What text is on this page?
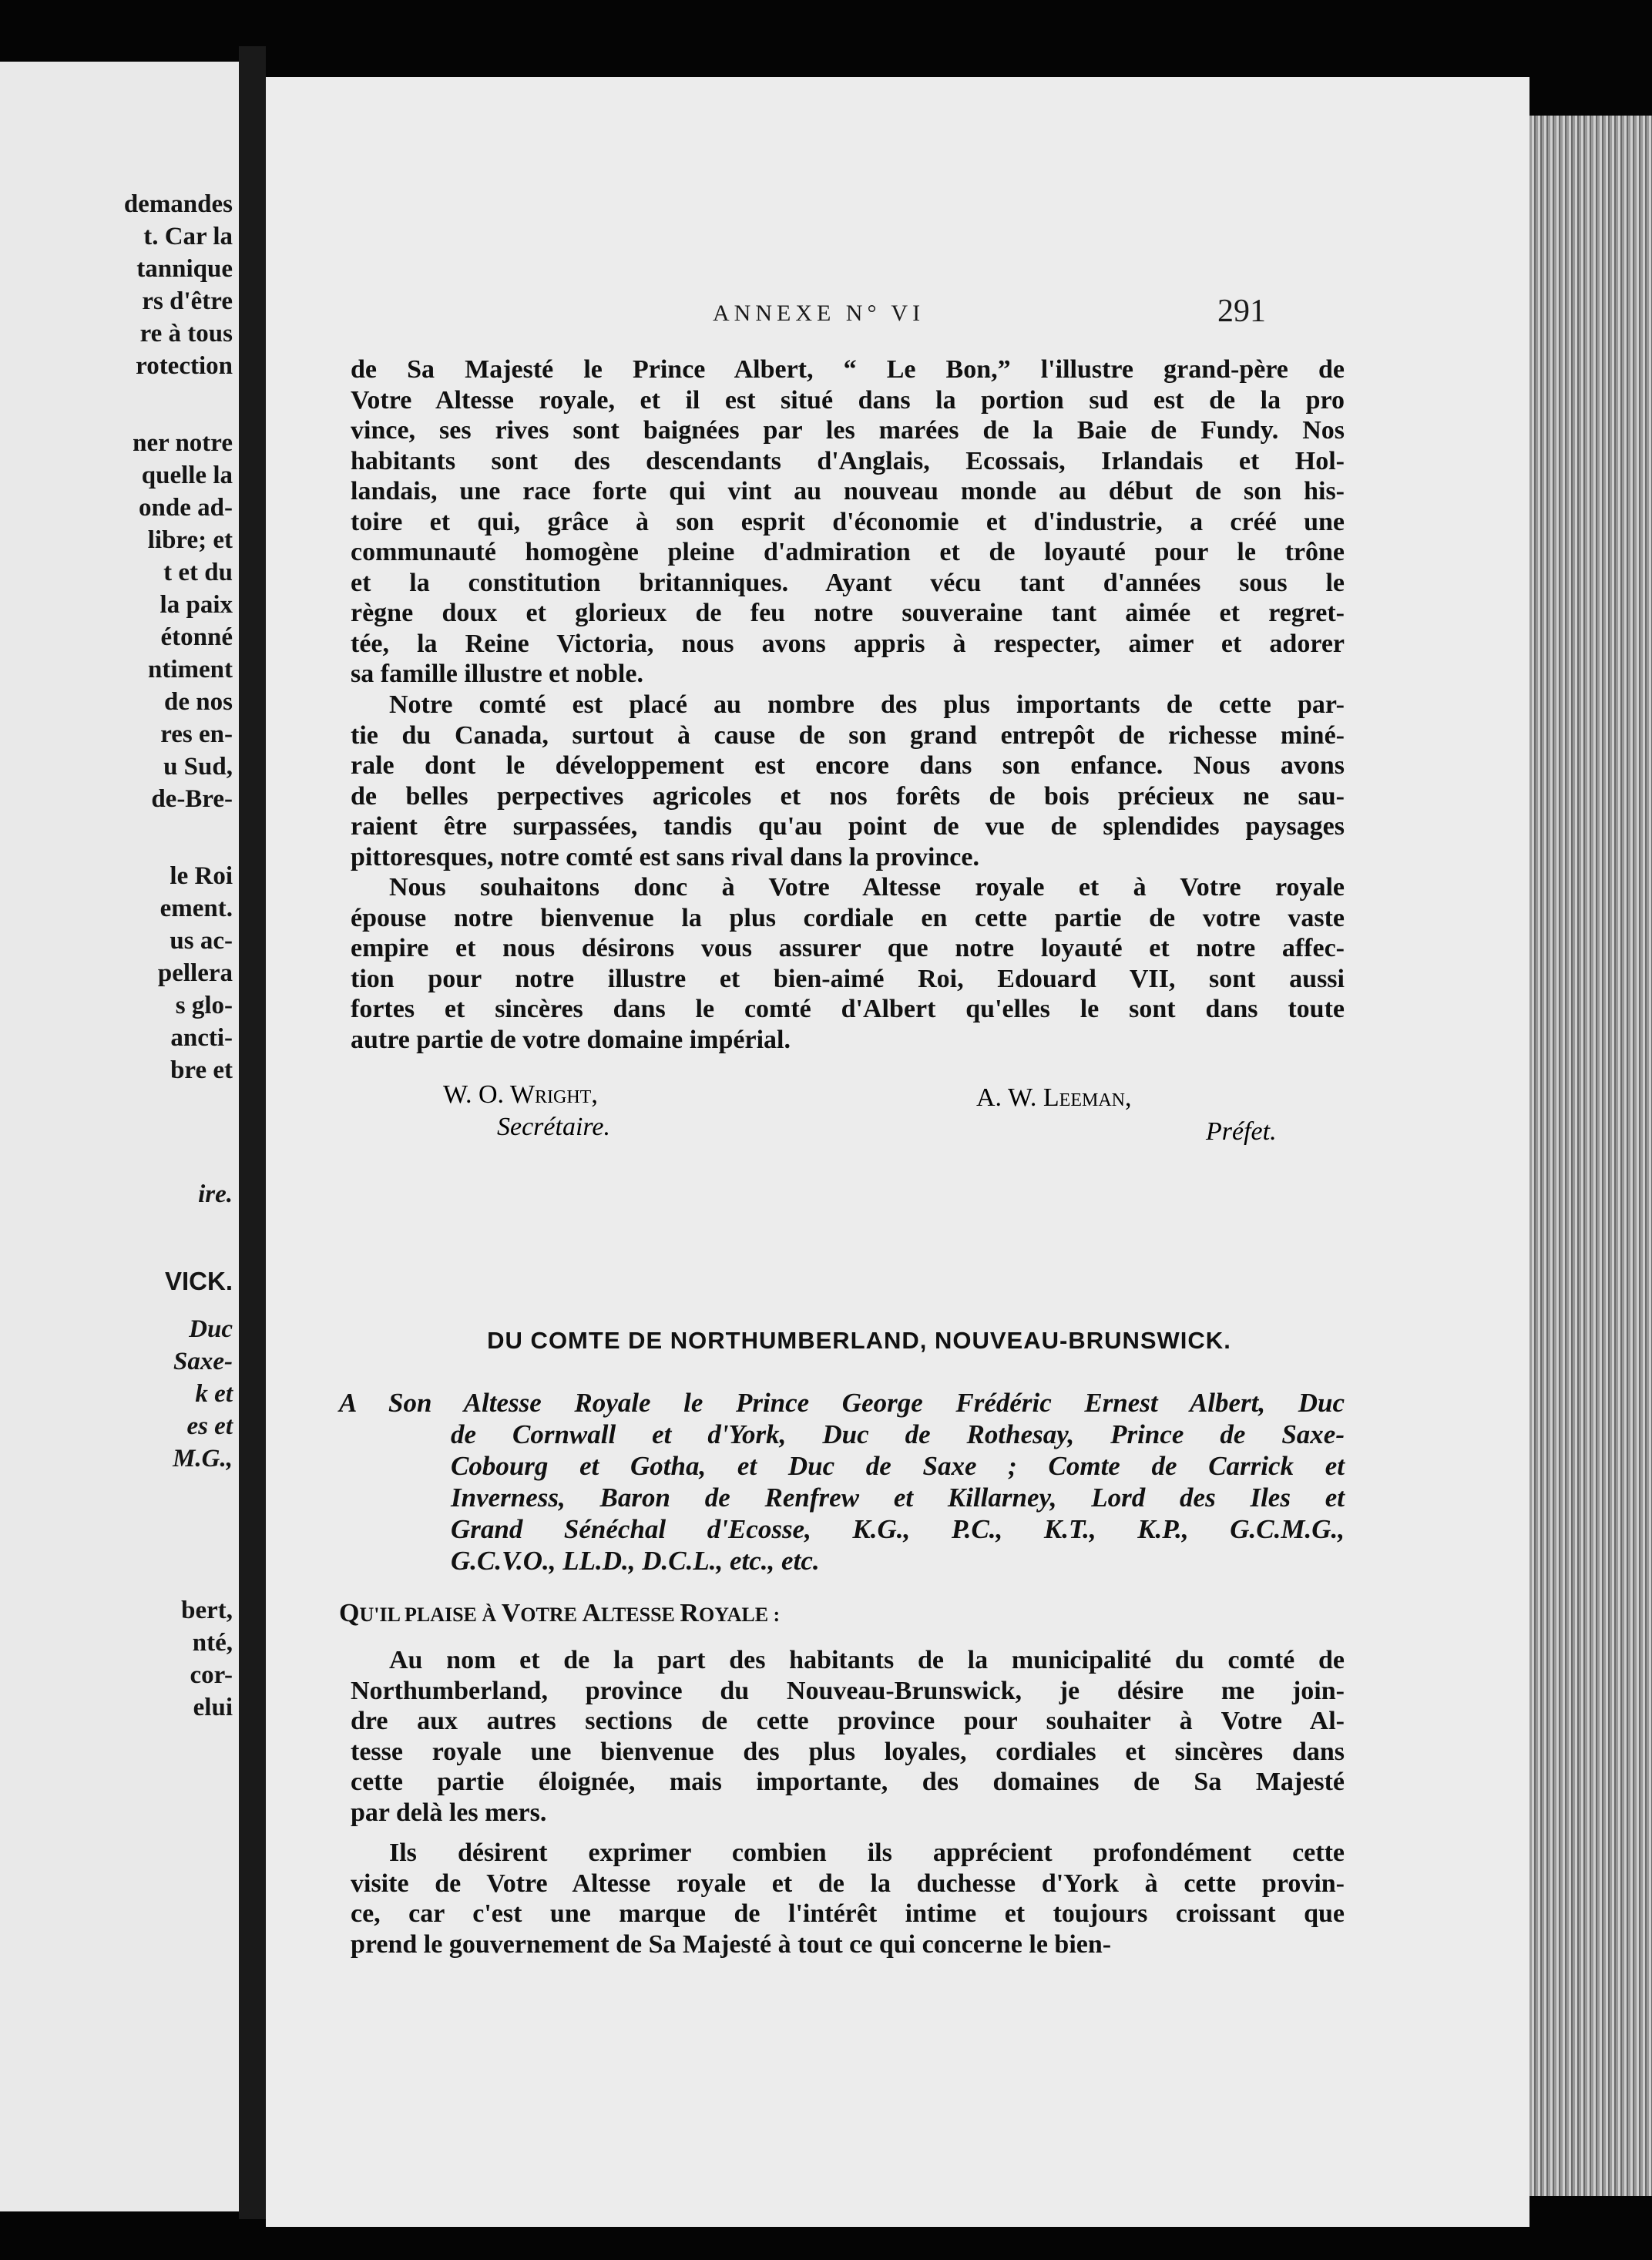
demandes
t. Car la
tannique
rs d'être
re à tous
rotection
ner notre
quelle la
onde ad-
libre; et
t et du
la paix
étonné
ntiment
de nos
res en-
u Sud,
de-Bre-
le Roi
ement.
us ac-
pellera
s glo-
ancti-
bre et
ire.
VICK.
Duc
Saxe-
k et
es et
M.G.,
bert,
nté,
cor-
elui
ANNEXE N° VI	291
de Sa Majesté le Prince Albert, “ Le Bon,” l'illustre grand-père de
Votre Altesse royale, et il est situé dans la portion sud est de la pro
vince, ses rives sont baignées par les marées de la Baie de Fundy. Nos
habitants sont des descendants d'Anglais, Ecossais, Irlandais et Hol-
landais, une race forte qui vint au nouveau monde au début de son his-
toire et qui, grâce à son esprit d'économie et d'industrie, a créé une
communauté homogène pleine d'admiration et de loyauté pour le trône
et la constitution britanniques. Ayant vécu tant d'années sous le
règne doux et glorieux de feu notre souveraine tant aimée et regret-
tée, la Reine Victoria, nous avons appris à respecter, aimer et adorer
sa famille illustre et noble.
Notre comté est placé au nombre des plus importants de cette par-
tie du Canada, surtout à cause de son grand entrepôt de richesse miné-
rale dont le développement est encore dans son enfance. Nous avons
de belles perpectives agricoles et nos forêts de bois précieux ne sau-
raient être surpassées, tandis qu'au point de vue de splendides paysages
pittoresques, notre comté est sans rival dans la province.
Nous souhaitons donc à Votre Altesse royale et à Votre royale
épouse notre bienvenue la plus cordiale en cette partie de votre vaste
empire et nous désirons vous assurer que notre loyauté et notre affec-
tion pour notre illustre et bien-aimé Roi, Edouard VII, sont aussi
fortes et sincères dans le comté d'Albert qu'elles le sont dans toute
autre partie de votre domaine impérial.
W. O. Wright,
Secrétaire.
A. W. Leeman,
Préfet.
DU COMTE DE NORTHUMBERLAND, NOUVEAU-BRUNSWICK.
A Son Altesse Royale le Prince George Frédéric Ernest Albert, Duc
de Cornwall et d'York, Duc de Rothesay, Prince de Saxe-
Cobourg et Gotha, et Duc de Saxe ; Comte de Carrick et
Inverness, Baron de Renfrew et Killarney, Lord des Iles et
Grand Sénéchal d'Ecosse, K.G., P.C., K.T., K.P., G.C.M.G.,
G.C.V.O., LL.D., D.C.L., etc., etc.
QU'IL PLAISE À VOTRE ALTESSE ROYALE :
Au nom et de la part des habitants de la municipalité du comté de
Northumberland, province du Nouveau-Brunswick, je désire me join-
dre aux autres sections de cette province pour souhaiter à Votre Al-
tesse royale une bienvenue des plus loyales, cordiales et sincères dans
cette partie éloignée, mais importante, des domaines de Sa Majesté
par delà les mers.
Ils désirent exprimer combien ils apprécient profondément cette
visite de Votre Altesse royale et de la duchesse d'York à cette provin-
ce, car c'est une marque de l'intérêt intime et toujours croissant que
prend le gouvernement de Sa Majesté à tout ce qui concerne le bien-
